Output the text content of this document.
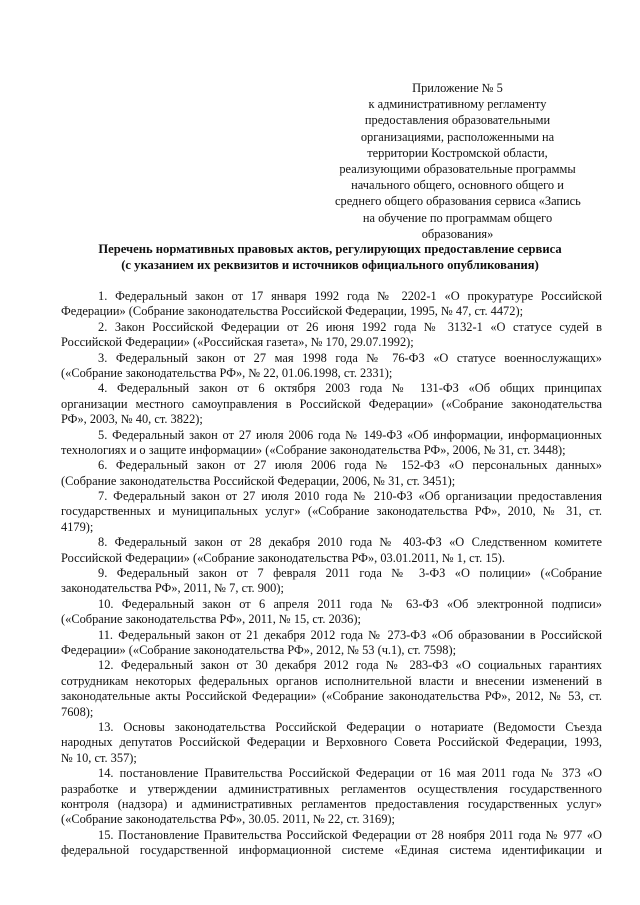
Приложение № 5
к административному регламенту
предоставления образовательными
организациями, расположенными на
территории Костромской области,
реализующими образовательные программы
начального общего, основного общего и
среднего общего образования сервиса «Запись
на обучение по программам общего
образования»
Перечень нормативных правовых актов, регулирующих предоставление сервиса
(с указанием их реквизитов и источников официального опубликования)
1. Федеральный закон от 17 января 1992 года № 2202-1 «О прокуратуре Российской
Федерации» (Собрание законодательства Российской Федерации, 1995, № 47, ст. 4472);
2. Закон Российской Федерации от 26 июня 1992 года № 3132-1 «О статусе судей в
Российской Федерации» («Российская газета», № 170, 29.07.1992);
3. Федеральный закон от 27 мая 1998 года № 76-ФЗ «О статусе военнослужащих»
(«Собрание законодательства РФ», № 22, 01.06.1998, ст. 2331);
4. Федеральный закон от 6 октября 2003 года № 131-ФЗ «Об общих принципах
организации местного самоуправления в Российской Федерации» («Собрание законодательства
РФ», 2003, № 40, ст. 3822);
5. Федеральный закон от 27 июля 2006 года № 149-ФЗ «Об информации, информационных
технологиях и о защите информации» («Собрание законодательства РФ», 2006, № 31, ст. 3448);
6. Федеральный закон от 27 июля 2006 года № 152-ФЗ «О персональных данных»
(Собрание законодательства Российской Федерации, 2006, № 31, ст. 3451);
7. Федеральный закон от 27 июля 2010 года № 210-ФЗ «Об организации предоставления
государственных и муниципальных услуг» («Собрание законодательства РФ», 2010, № 31, ст.
4179);
8. Федеральный закон от 28 декабря 2010 года № 403-ФЗ «О Следственном комитете
Российской Федерации» («Собрание законодательства РФ», 03.01.2011, № 1, ст. 15).
9. Федеральный закон от 7 февраля 2011 года № 3-ФЗ «О полиции» («Собрание
законодательства РФ», 2011, № 7, ст. 900);
10. Федеральный закон от 6 апреля 2011 года № 63-ФЗ «Об электронной подписи»
(«Собрание законодательства РФ», 2011, № 15, ст. 2036);
11. Федеральный закон от 21 декабря 2012 года № 273-ФЗ «Об образовании в Российской
Федерации» («Собрание законодательства РФ», 2012, № 53 (ч.1), ст. 7598);
12. Федеральный закон от 30 декабря 2012 года № 283-ФЗ «О социальных гарантиях
сотрудникам некоторых федеральных органов исполнительной власти и внесении изменений в
законодательные акты Российской Федерации» («Собрание законодательства РФ», 2012, № 53, ст.
7608);
13. Основы законодательства Российской Федерации о нотариате (Ведомости Съезда
народных депутатов Российской Федерации и Верховного Совета Российской Федерации, 1993,
№ 10, ст. 357);
14. постановление Правительства Российской Федерации от 16 мая 2011 года № 373 «О
разработке и утверждении административных регламентов осуществления государственного
контроля (надзора) и административных регламентов предоставления государственных услуг»
(«Собрание законодательства РФ», 30.05. 2011, № 22, ст. 3169);
15. Постановление Правительства Российской Федерации от 28 ноября 2011 года № 977 «О
федеральной государственной информационной системе «Единая система идентификации и
